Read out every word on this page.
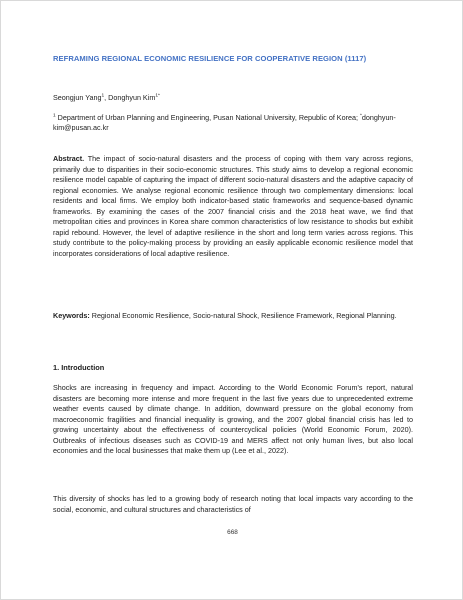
REFRAMING REGIONAL ECONOMIC RESILIENCE FOR COOPERATIVE REGION (1117)
Seongjun Yang$^1$, Donghyun Kim$^{1*}$
$^1$ Department of Urban Planning and Engineering, Pusan National University, Republic of Korea; *donghyun-kim@pusan.ac.kr
Abstract. The impact of socio-natural disasters and the process of coping with them vary across regions, primarily due to disparities in their socio-economic structures. This study aims to develop a regional economic resilience model capable of capturing the impact of different socio-natural disasters and the adaptive capacity of regional economies. We analyse regional economic resilience through two complementary dimensions: local residents and local firms. We employ both indicator-based static frameworks and sequence-based dynamic frameworks. By examining the cases of the 2007 financial crisis and the 2018 heat wave, we find that metropolitan cities and provinces in Korea share common characteristics of low resistance to shocks but exhibit rapid rebound. However, the level of adaptive resilience in the short and long term varies across regions. This study contribute to the policy-making process by providing an easily applicable economic resilience model that incorporates considerations of local adaptive resilience.
Keywords: Regional Economic Resilience, Socio-natural Shock, Resilience Framework, Regional Planning.
1. Introduction

Shocks are increasing in frequency and impact. According to the World Economic Forum's report, natural disasters are becoming more intense and more frequent in the last five years due to unprecedented extreme weather events caused by climate change. In addition, downward pressure on the global economy from macroeconomic fragilities and financial inequality is growing, and the 2007 global financial crisis has led to growing uncertainty about the effectiveness of countercyclical policies (World Economic Forum, 2020). Outbreaks of infectious diseases such as COVID-19 and MERS affect not only human lives, but also local economies and the local businesses that make them up (Lee et al., 2022).

This diversity of shocks has led to a growing body of research noting that local impacts vary according to the social, economic, and cultural structures and characteristics of

668
